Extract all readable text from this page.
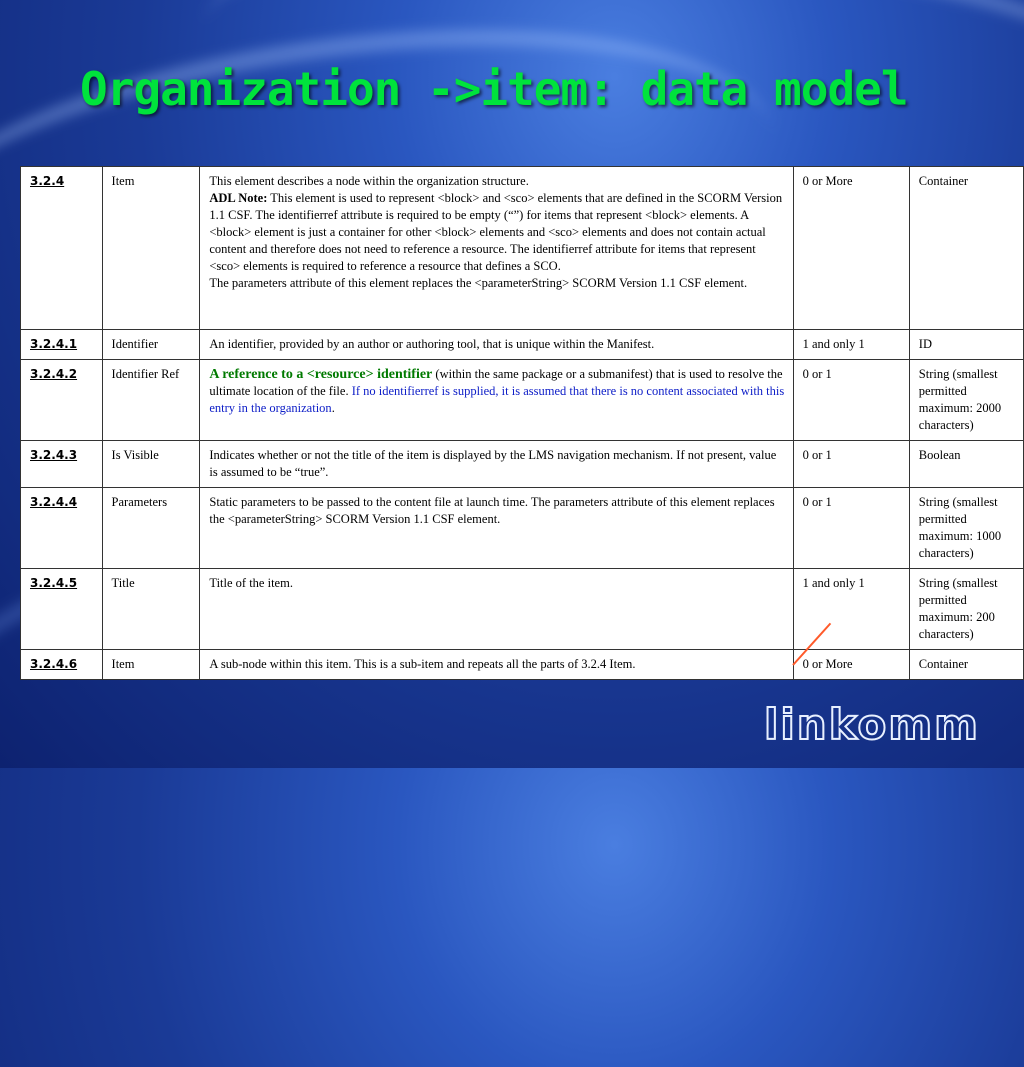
Organization ->item: data model
3.2.4	Item	This element describes a node within the organization structure.
ADL Note: This element is used to represent <block> and <sco> elements that are defined in the SCORM Version 1.1 CSF. The identifierref attribute is required to be empty (“”) for items that represent <block> elements. A <block> element is just a container for other <block> elements and <sco> elements and does not contain actual content and therefore does not need to reference a resource. The identifierref attribute for items that represent <sco> elements is required to reference a resource that defines a SCO.
The parameters attribute of this element replaces the <parameterString> SCORM Version 1.1 CSF element.	0 or More	Container
3.2.4.1	Identifier	An identifier, provided by an author or authoring tool, that is unique within the Manifest.	1 and only 1	ID
3.2.4.2	Identifier Ref	A reference to a <resource> identifier (within the same package or a submanifest) that is used to resolve the ultimate location of the file. If no identifierref is supplied, it is assumed that there is no content associated with this entry in the organization.	0 or 1	String (smallest permitted maximum: 2000 characters)
3.2.4.3	Is Visible	Indicates whether or not the title of the item is displayed by the LMS navigation mechanism. If not present, value is assumed to be “true”.	0 or 1	Boolean
3.2.4.4	Parameters	Static parameters to be passed to the content file at launch time. The parameters attribute of this element replaces the <parameterString> SCORM Version 1.1 CSF element.	0 or 1	String (smallest permitted maximum: 1000 characters)
3.2.4.5	Title	Title of the item.	1 and only 1	String (smallest permitted maximum: 200 characters)
3.2.4.6	Item	A sub-node within this item. This is a sub-item and repeats all the parts of 3.2.4 Item.	0 or More	Container
linkomm
